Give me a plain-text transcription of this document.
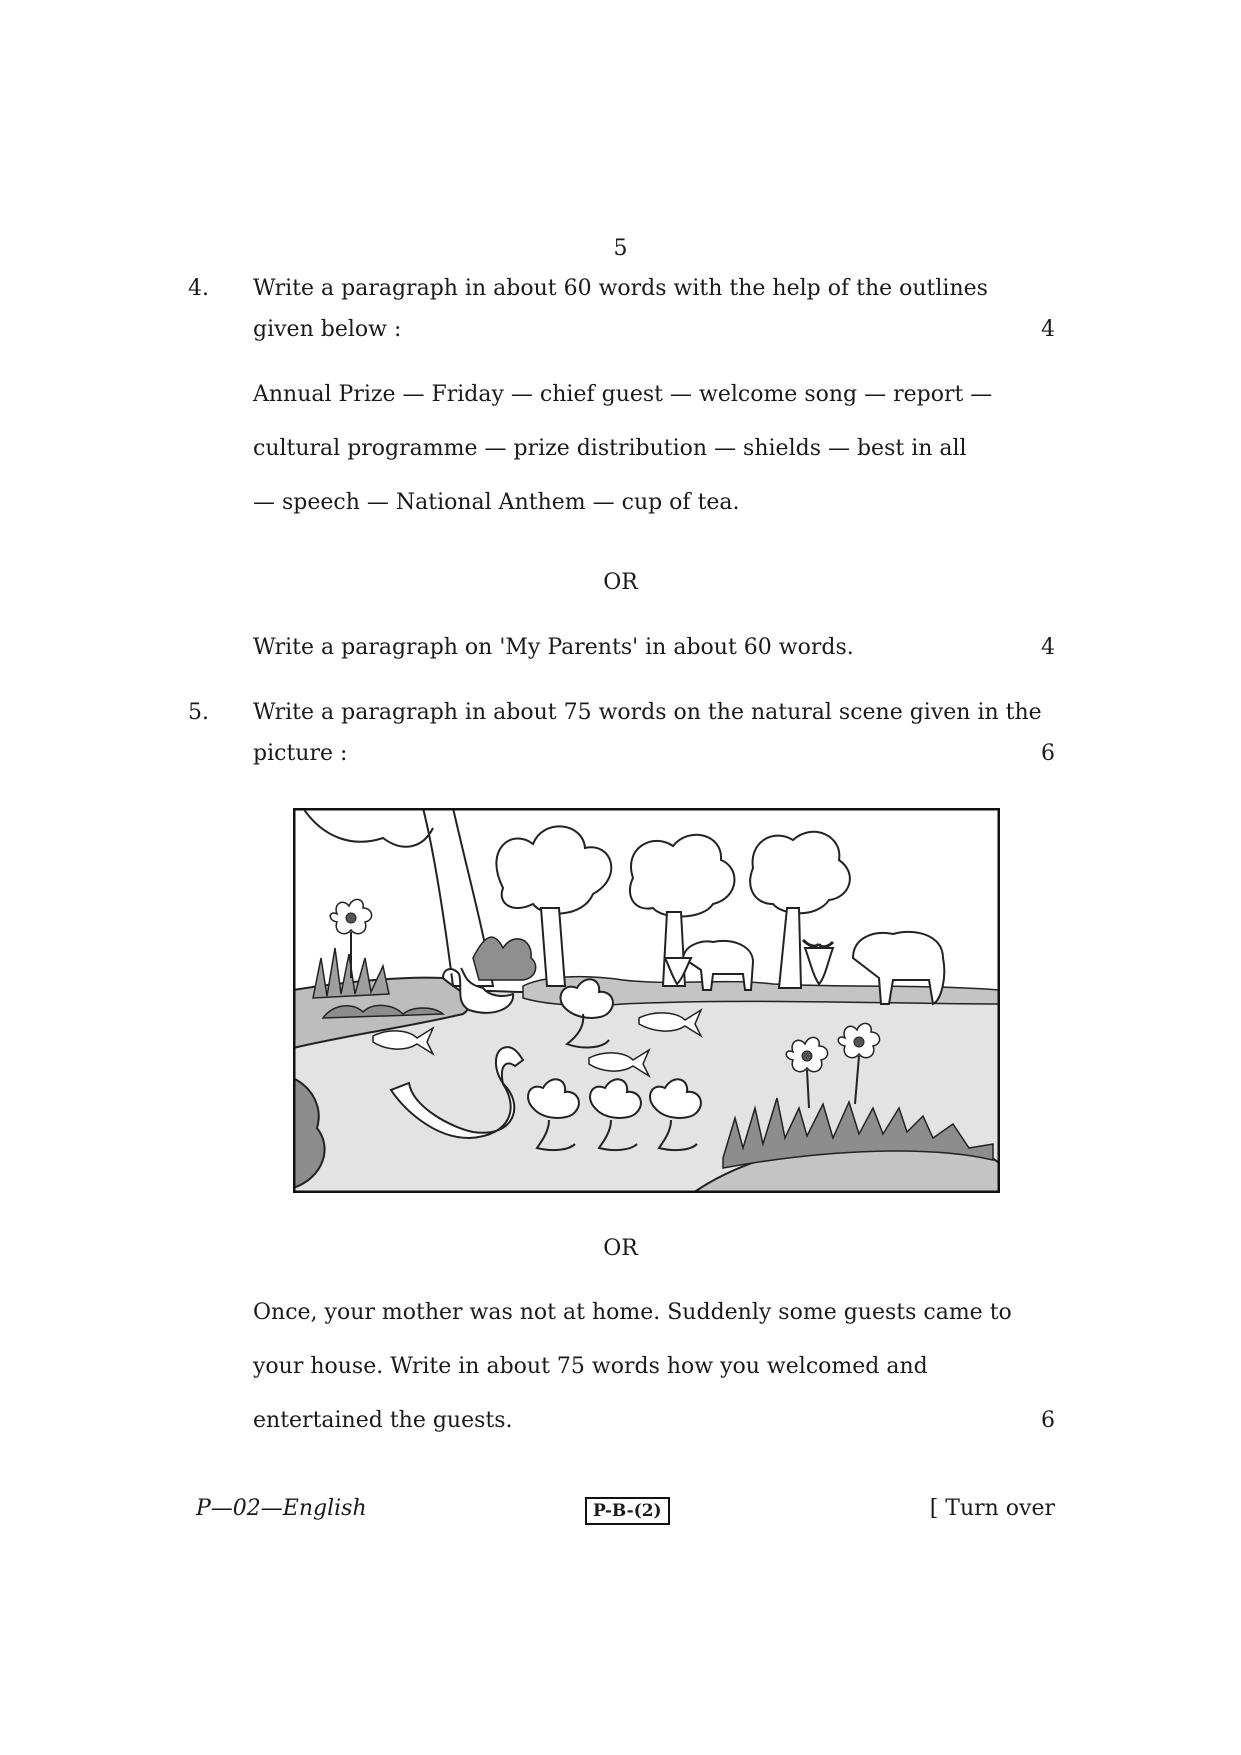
5
4. Write a paragraph in about 60 words with the help of the outlines
given below :	4
Annual Prize — Friday — chief guest — welcome song — report —
cultural programme — prize distribution — shields — best in all
— speech — National Anthem — cup of tea.
OR
Write a paragraph on 'My Parents' in about 60 words.	4
5. Write a paragraph in about 75 words on the natural scene given in the
picture :	6
OR
Once, your mother was not at home. Suddenly some guests came to
your house. Write in about 75 words how you welcomed and
entertained the guests.	6
P—02—English	P-B-(2)	[ Turn over
